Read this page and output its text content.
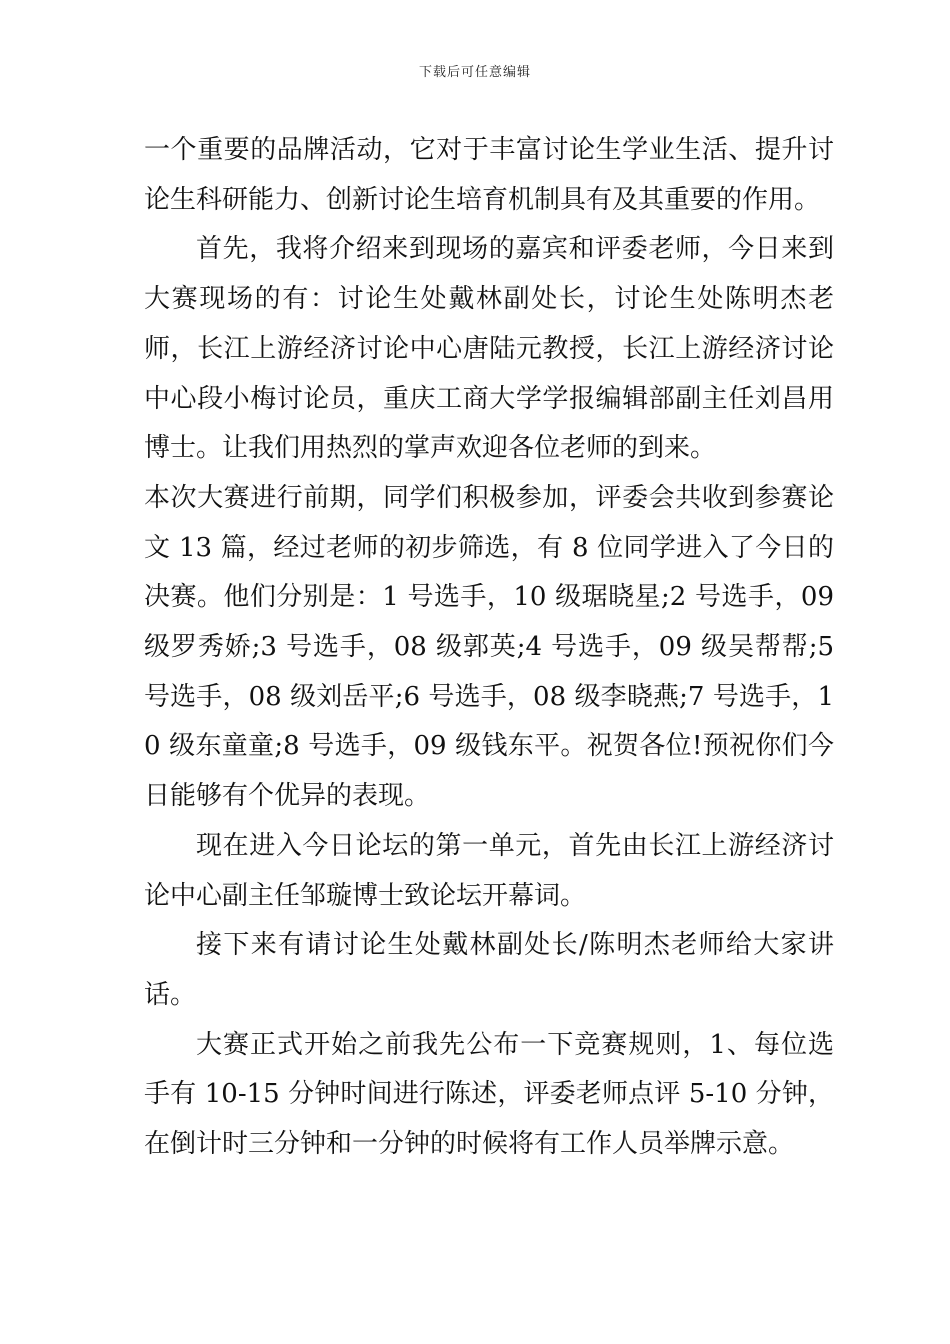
下载后可任意编辑

一个重要的品牌活动，它对于丰富讨论生学业生活、提升讨论生科研能力、创新讨论生培育机制具有及其重要的作用。

首先，我将介绍来到现场的嘉宾和评委老师，今日来到大赛现场的有：讨论生处戴林副处长，讨论生处陈明杰老师，长江上游经济讨论中心唐陆元教授，长江上游经济讨论中心段小梅讨论员，重庆工商大学学报编辑部副主任刘昌用博士。让我们用热烈的掌声欢迎各位老师的到来。

本次大赛进行前期，同学们积极参加，评委会共收到参赛论文 13 篇，经过老师的初步筛选，有 8 位同学进入了今日的决赛。他们分别是：1 号选手，10 级琚晓星;2 号选手，09 级罗秀娇;3 号选手，08 级郭英;4 号选手，09 级吴帮帮;5 号选手，08 级刘岳平;6 号选手，08 级李晓燕;7 号选手，10 级东童童;8 号选手，09 级钱东平。祝贺各位!预祝你们今日能够有个优异的表现。

现在进入今日论坛的第一单元，首先由长江上游经济讨论中心副主任邹璇博士致论坛开幕词。

接下来有请讨论生处戴林副处长/陈明杰老师给大家讲话。

大赛正式开始之前我先公布一下竞赛规则，1、每位选手有 10-15 分钟时间进行陈述，评委老师点评 5-10 分钟，在倒计时三分钟和一分钟的时候将有工作人员举牌示意。
